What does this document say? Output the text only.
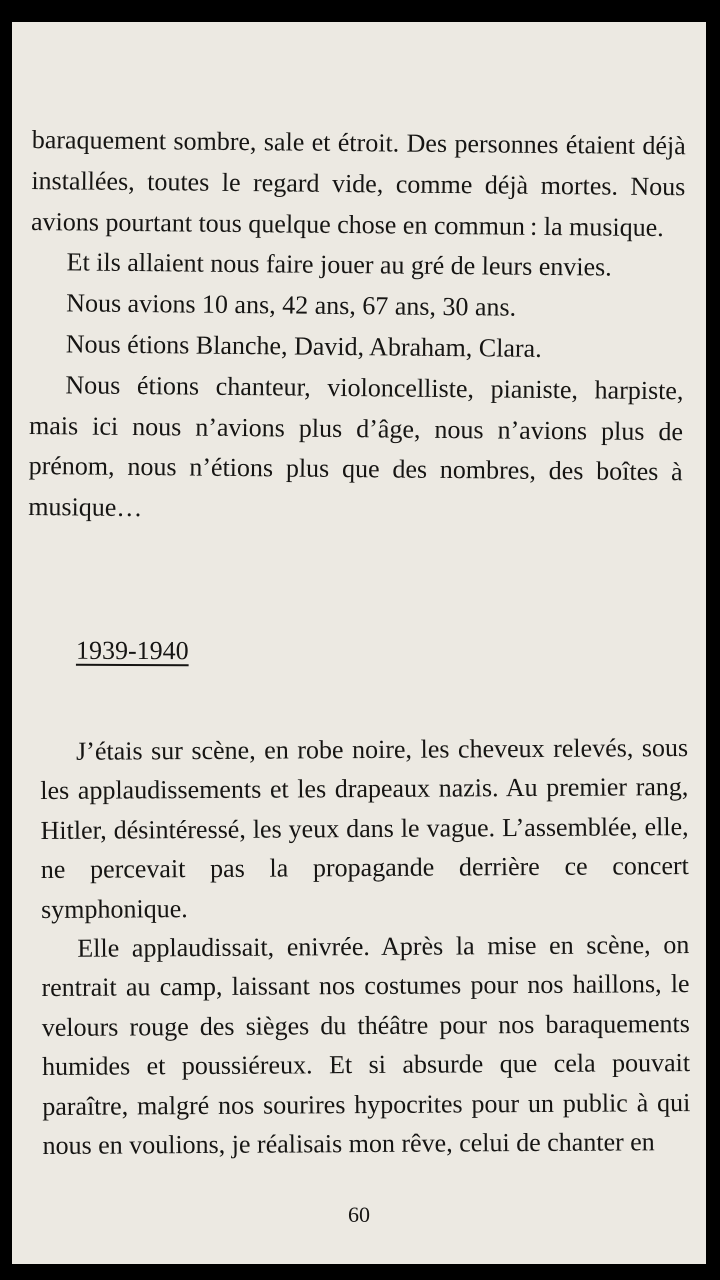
baraquement sombre, sale et étroit. Des personnes étaient déjà installées, toutes le regard vide, comme déjà mortes. Nous avions pourtant tous quelque chose en commun : la musique.

Et ils allaient nous faire jouer au gré de leurs envies.

Nous avions 10 ans, 42 ans, 67 ans, 30 ans.

Nous étions Blanche, David, Abraham, Clara.

Nous étions chanteur, violoncelliste, pianiste, harpiste, mais ici nous n’avions plus d’âge, nous n’avions plus de prénom, nous n’étions plus que des nombres, des boîtes à musique…

1939-1940

J’étais sur scène, en robe noire, les cheveux relevés, sous les applaudissements et les drapeaux nazis. Au premier rang, Hitler, désintéressé, les yeux dans le vague. L’assemblée, elle, ne percevait pas la propagande derrière ce concert symphonique.

Elle applaudissait, enivrée. Après la mise en scène, on rentrait au camp, laissant nos costumes pour nos haillons, le velours rouge des sièges du théâtre pour nos baraquements humides et poussiéreux. Et si absurde que cela pouvait paraître, malgré nos sourires hypocrites pour un public à qui nous en voulions, je réalisais mon rêve, celui de chanter en

60
